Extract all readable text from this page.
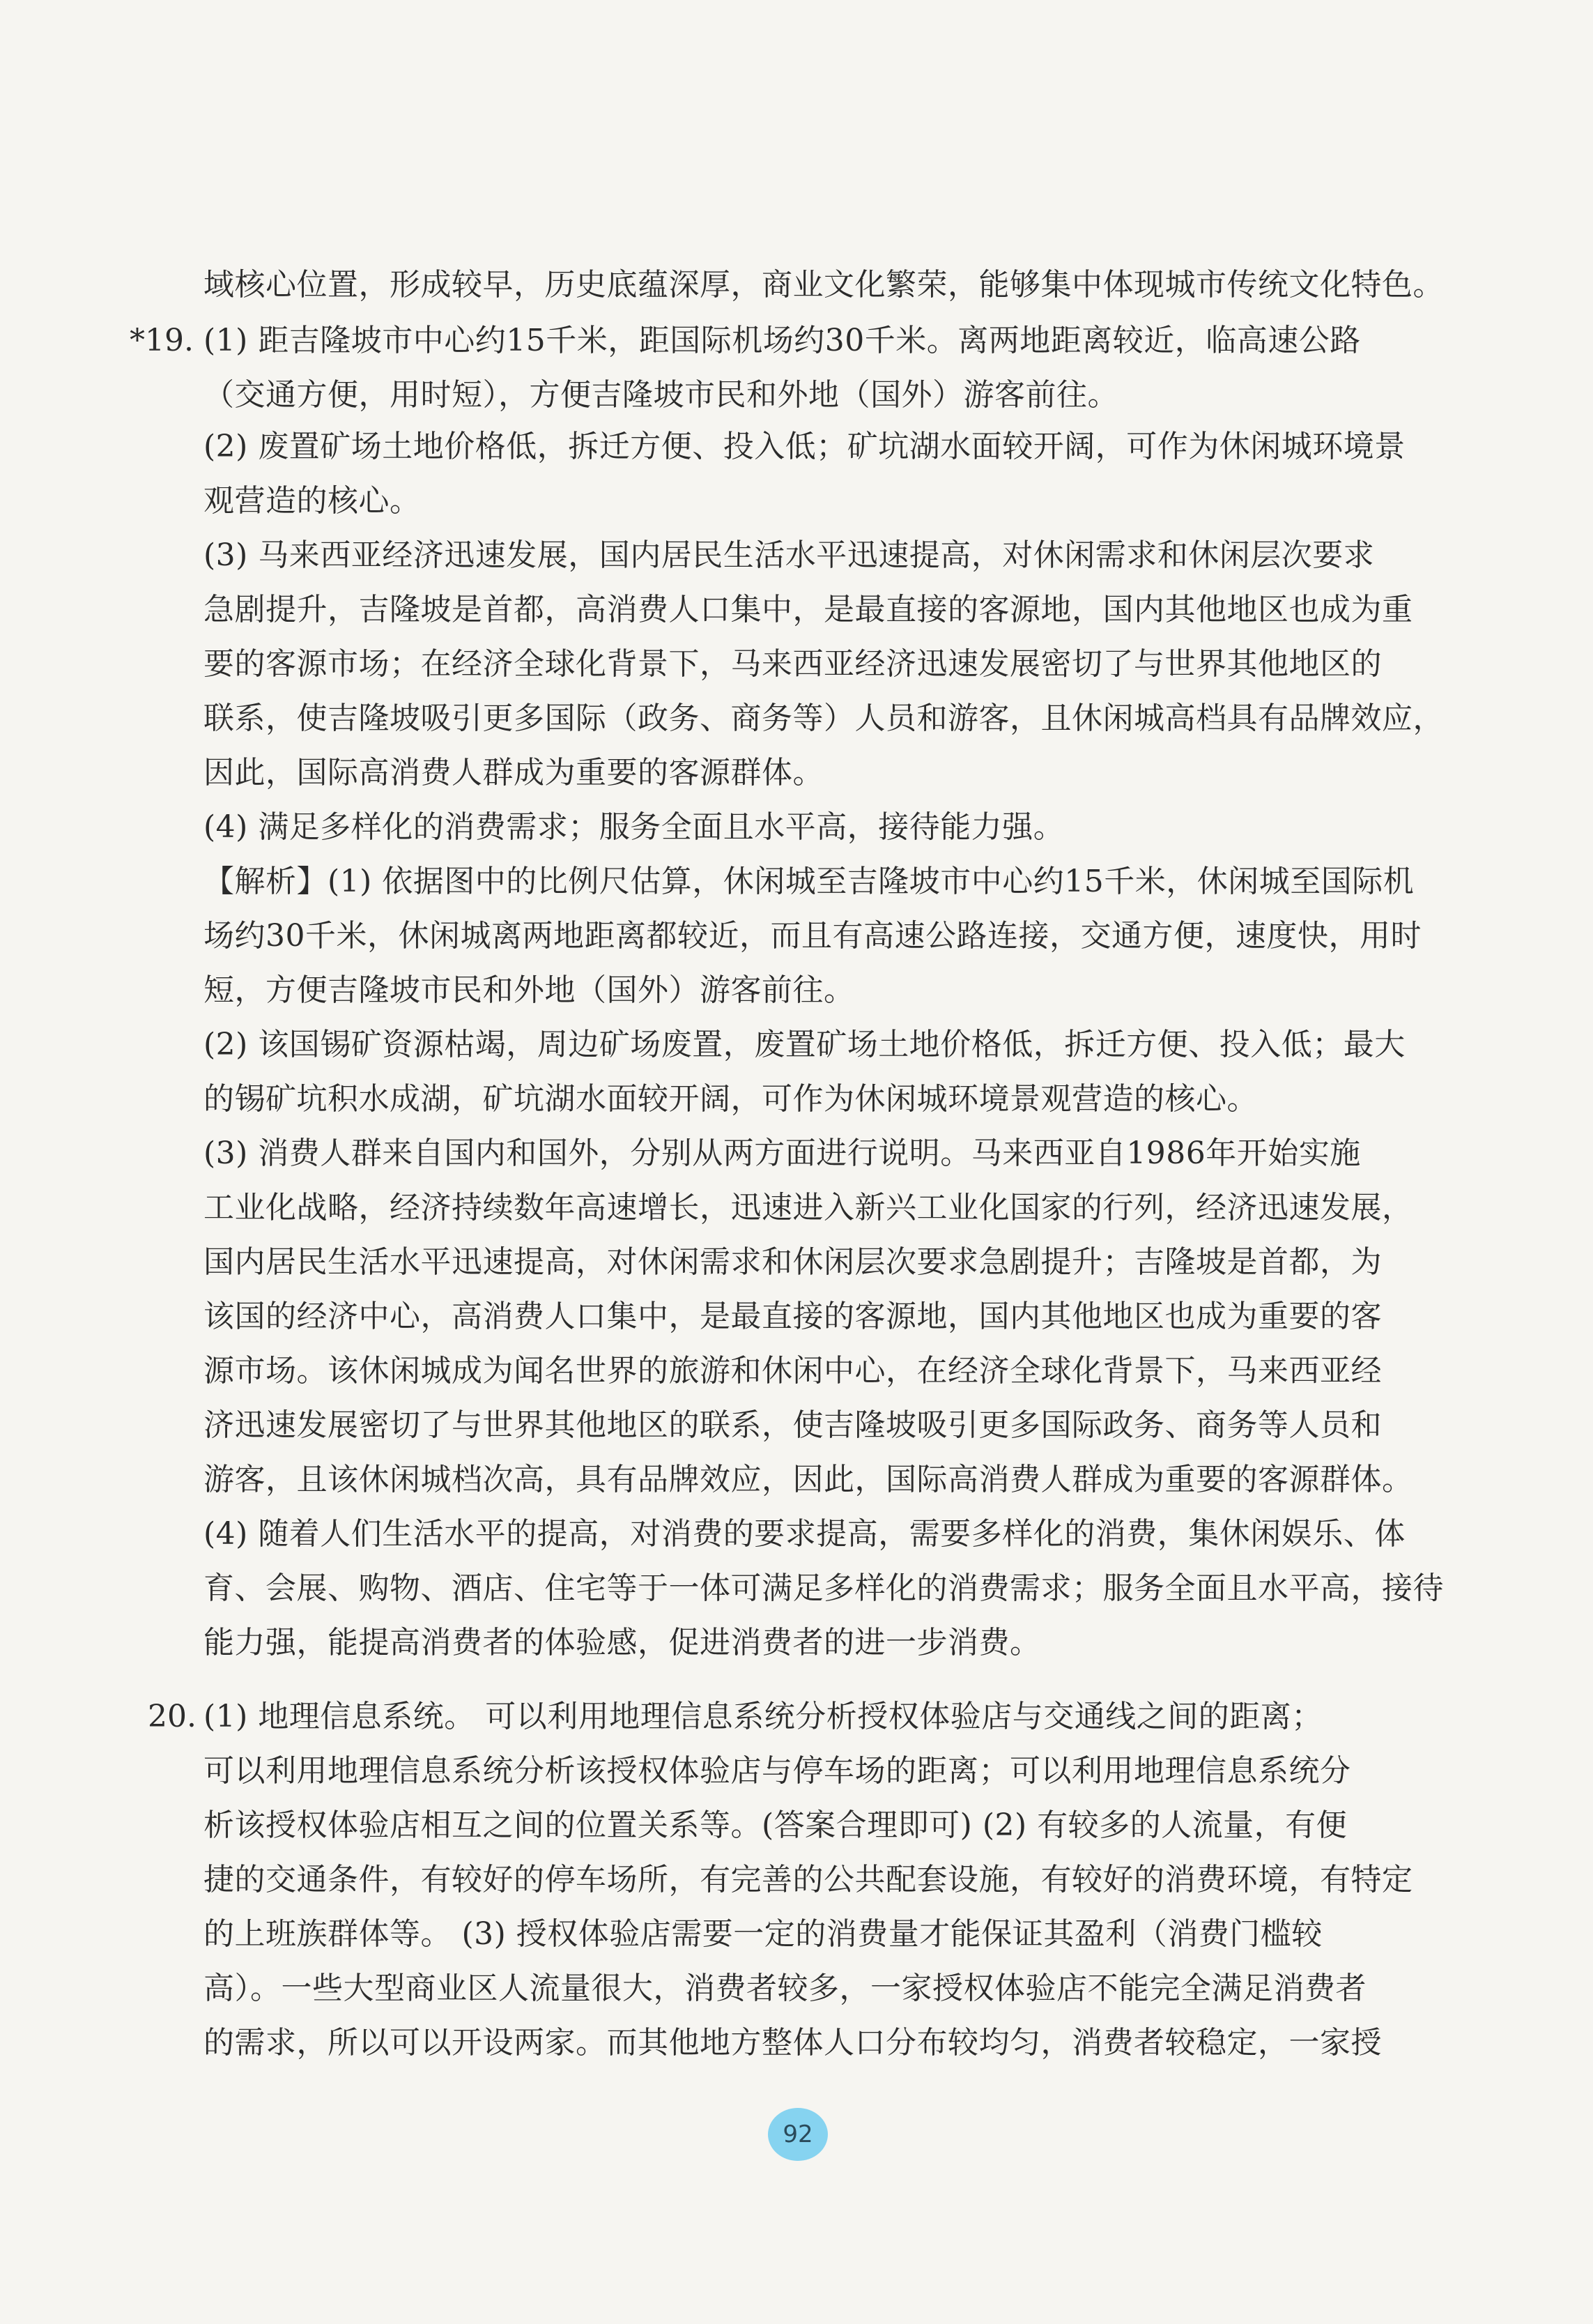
*19.
20.
域核心位置，形成较早，历史底蕴深厚，商业文化繁荣，能够集中体现城市传统文化特色。
(1) 距吉隆坡市中心约15千米，距国际机场约30千米。离两地距离较近，临高速公路
（交通方便，用时短），方便吉隆坡市民和外地（国外）游客前往。
(2) 废置矿场土地价格低，拆迁方便、投入低；矿坑湖水面较开阔，可作为休闲城环境景
观营造的核心。
(3) 马来西亚经济迅速发展，国内居民生活水平迅速提高，对休闲需求和休闲层次要求
急剧提升，吉隆坡是首都，高消费人口集中，是最直接的客源地，国内其他地区也成为重
要的客源市场；在经济全球化背景下，马来西亚经济迅速发展密切了与世界其他地区的
联系，使吉隆坡吸引更多国际（政务、商务等）人员和游客，且休闲城高档具有品牌效应，
因此，国际高消费人群成为重要的客源群体。
(4) 满足多样化的消费需求；服务全面且水平高，接待能力强。
【解析】(1) 依据图中的比例尺估算，休闲城至吉隆坡市中心约15千米，休闲城至国际机
场约30千米，休闲城离两地距离都较近，而且有高速公路连接，交通方便，速度快，用时
短，方便吉隆坡市民和外地（国外）游客前往。
(2) 该国锡矿资源枯竭，周边矿场废置，废置矿场土地价格低，拆迁方便、投入低；最大
的锡矿坑积水成湖，矿坑湖水面较开阔，可作为休闲城环境景观营造的核心。
(3) 消费人群来自国内和国外，分别从两方面进行说明。马来西亚自1986年开始实施
工业化战略，经济持续数年高速增长，迅速进入新兴工业化国家的行列，经济迅速发展，
国内居民生活水平迅速提高，对休闲需求和休闲层次要求急剧提升；吉隆坡是首都，为
该国的经济中心，高消费人口集中，是最直接的客源地，国内其他地区也成为重要的客
源市场。该休闲城成为闻名世界的旅游和休闲中心，在经济全球化背景下，马来西亚经
济迅速发展密切了与世界其他地区的联系，使吉隆坡吸引更多国际政务、商务等人员和
游客，且该休闲城档次高，具有品牌效应，因此，国际高消费人群成为重要的客源群体。
(4) 随着人们生活水平的提高，对消费的要求提高，需要多样化的消费，集休闲娱乐、体
育、会展、购物、酒店、住宅等于一体可满足多样化的消费需求；服务全面且水平高，接待
能力强，能提高消费者的体验感，促进消费者的进一步消费。
(1) 地理信息系统。 可以利用地理信息系统分析授权体验店与交通线之间的距离；
可以利用地理信息系统分析该授权体验店与停车场的距离；可以利用地理信息系统分
析该授权体验店相互之间的位置关系等。(答案合理即可) (2) 有较多的人流量，有便
捷的交通条件，有较好的停车场所，有完善的公共配套设施，有较好的消费环境，有特定
的上班族群体等。 (3) 授权体验店需要一定的消费量才能保证其盈利（消费门槛较
高）。一些大型商业区人流量很大，消费者较多，一家授权体验店不能完全满足消费者
的需求，所以可以开设两家。而其他地方整体人口分布较均匀，消费者较稳定，一家授
92
